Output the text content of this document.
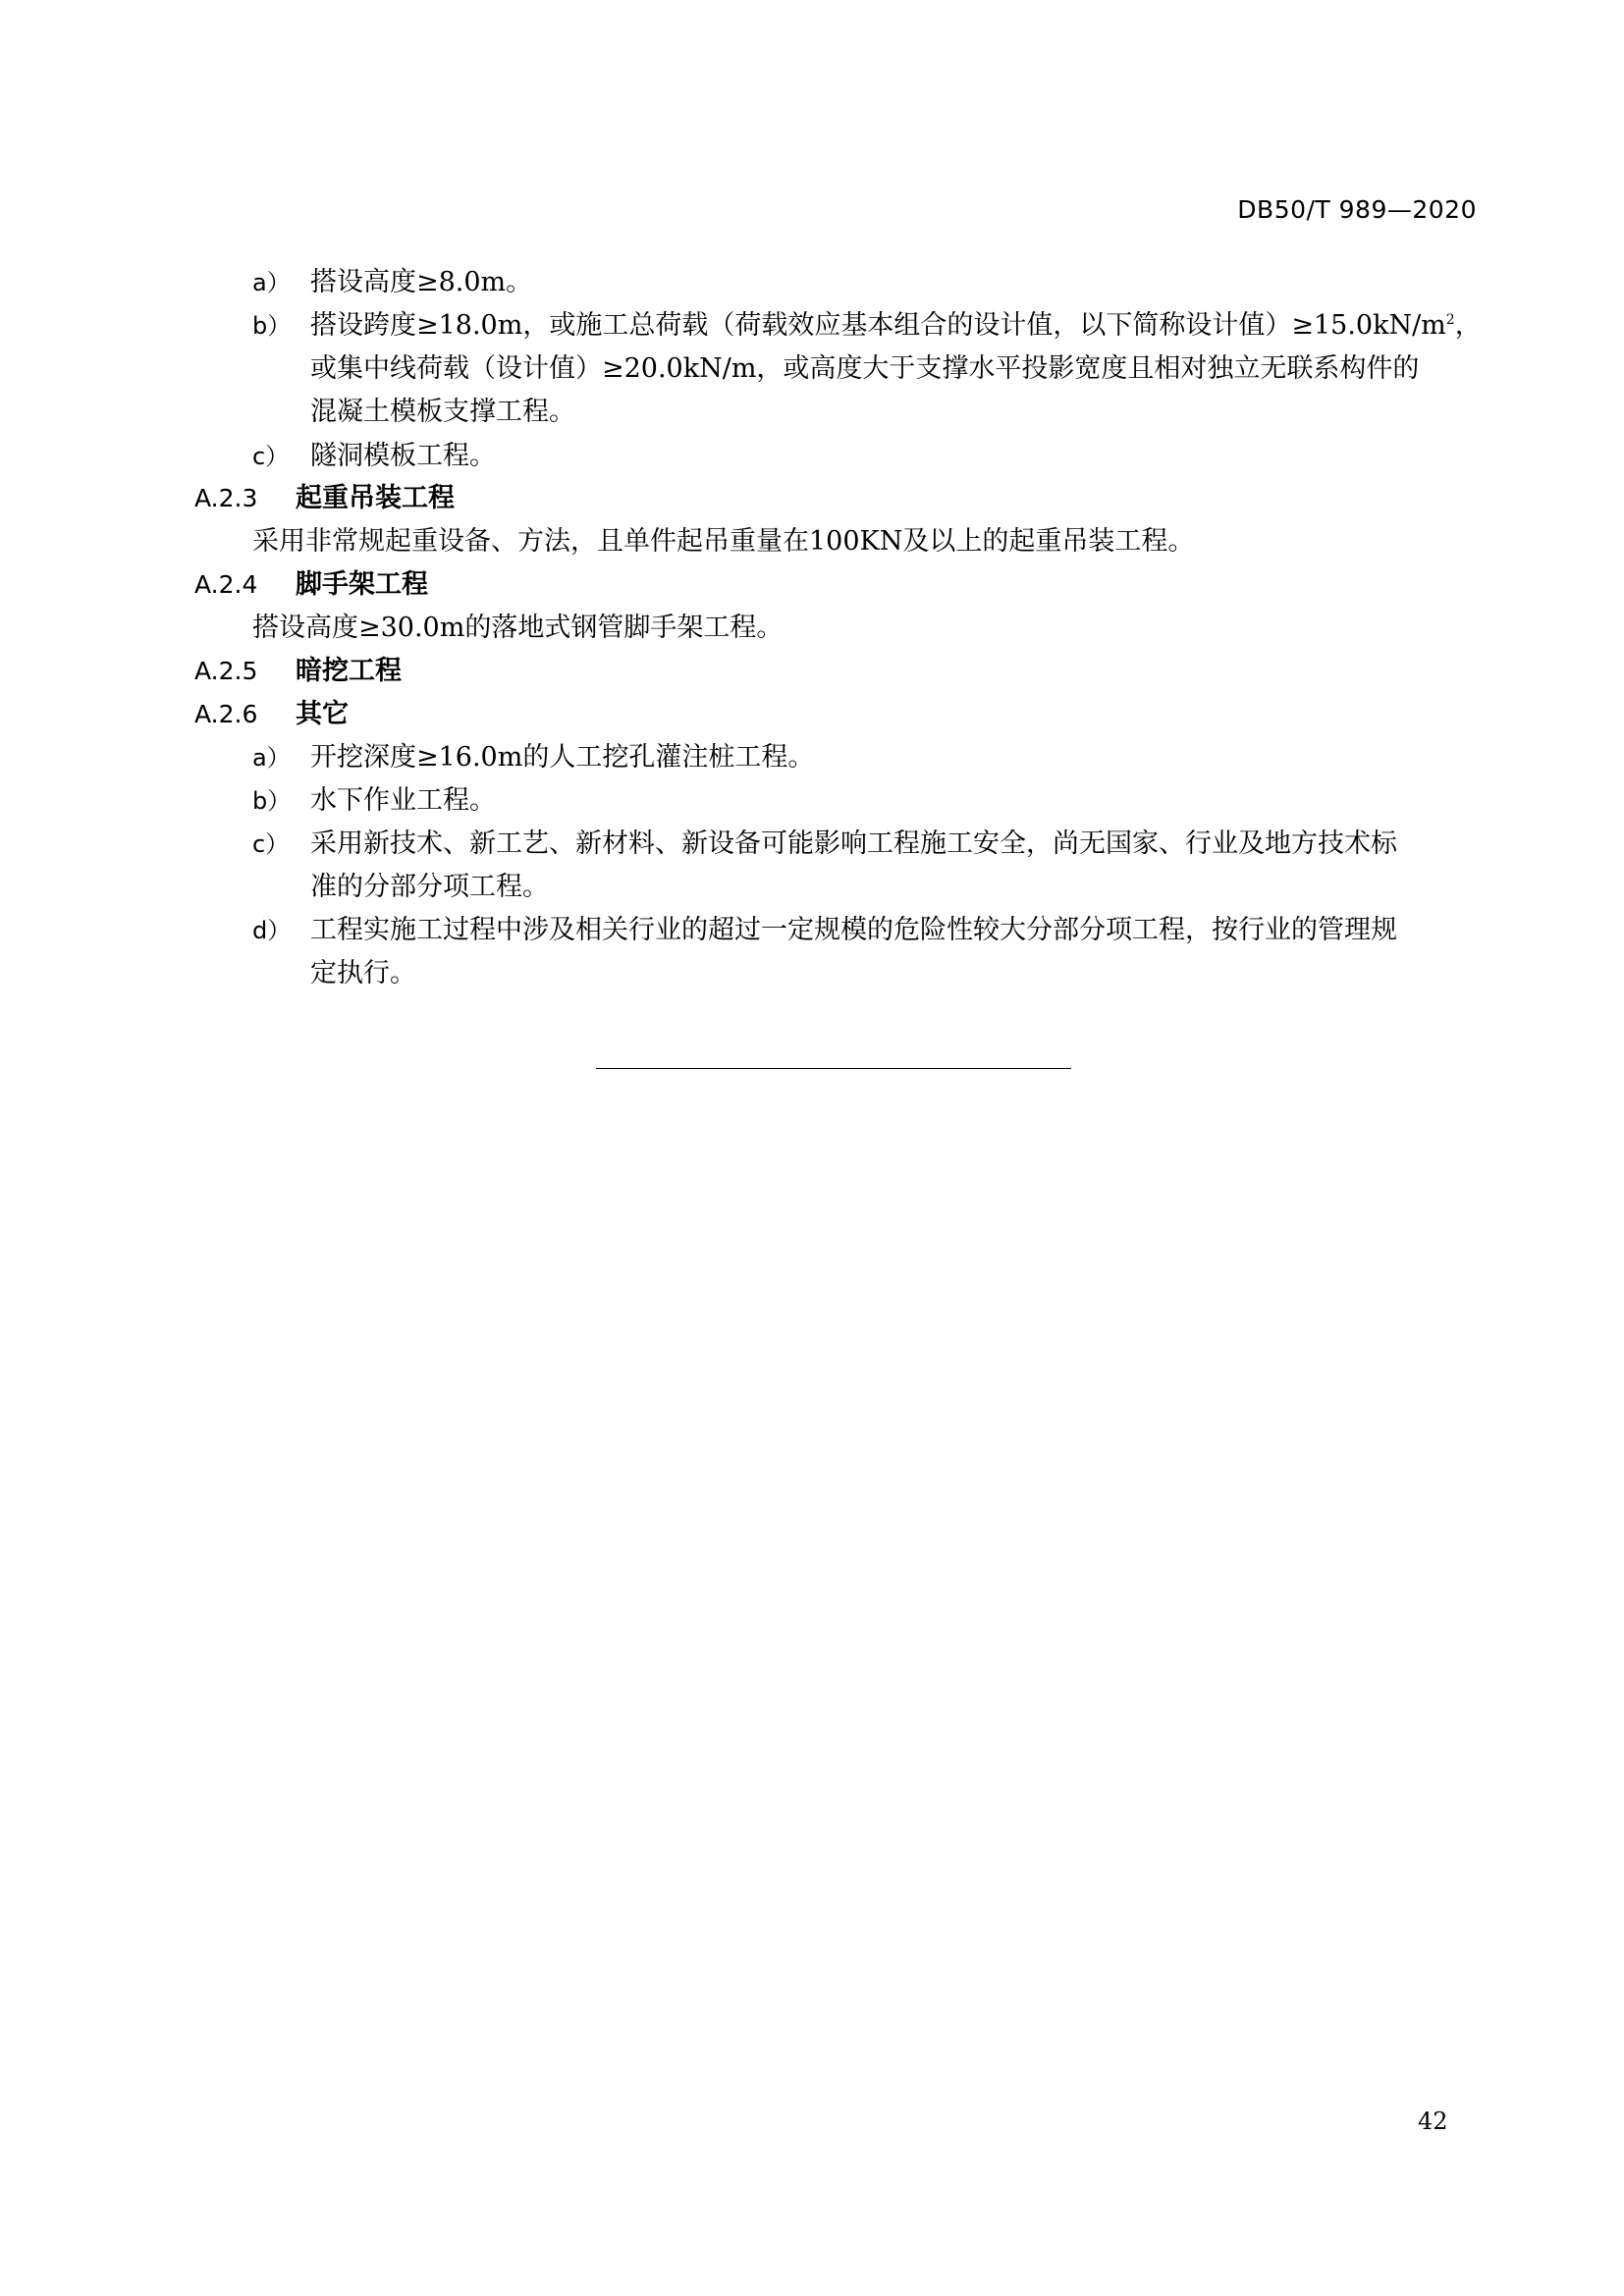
DB50/T 989—2020
a） 搭设高度≥8.0m。
b） 搭设跨度≥18.0m，或施工总荷载（荷载效应基本组合的设计值，以下简称设计值）$\ge 15.0kN/m^2$，
或集中线荷载（设计值）≥20.0kN/m，或高度大于支撑水平投影宽度且相对独立无联系构件的
混凝土模板支撑工程。
c） 隧洞模板工程。
A.2.3 起重吊装工程
采用非常规起重设备、方法，且单件起吊重量在100KN及以上的起重吊装工程。
A.2.4 脚手架工程
搭设高度≥30.0m的落地式钢管脚手架工程。
A.2.5 暗挖工程
A.2.6 其它
a） 开挖深度≥16.0m的人工挖孔灌注桩工程。
b） 水下作业工程。
c） 采用新技术、新工艺、新材料、新设备可能影响工程施工安全，尚无国家、行业及地方技术标
准的分部分项工程。
d） 工程实施工过程中涉及相关行业的超过一定规模的危险性较大分部分项工程，按行业的管理规
定执行。
42
